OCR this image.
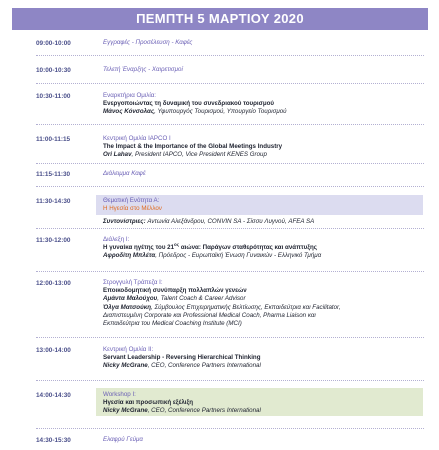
ΠΕΜΠΤΗ 5 ΜΑΡΤΙΟΥ 2020
09:00-10:00	Εγγραφές - Προσέλευση - Καφές
10:00-10:30	Τελετή Έναρξης - Χαιρετισμοί
10:30-11:00	Εναρκτήρια Ομιλία:
Ενεργοποιώντας τη δυναμική του συνεδριακού τουρισμού
Μάνος Κόνσολας, Υφυπουργός Τουρισμού, Υπουργείο Τουρισμού
11:00-11:15	Κεντρική Ομιλία IAPCO I
The Impact & the Importance of the Global Meetings Industry
Ori Lahav, President IAPCO, Vice President KENES Group
11:15-11:30	Διάλειμμα Καφέ
11:30-14:30	Θεματική Ενότητα Α:
Η Ηγεσία στο Μέλλον
Συντονίστριες: Αντωνία Αλεξάνδρου, CONVIN SA - Σίσσυ Λυγνού, AFEA SA
11:30-12:00	Διάλεξη Ι:
Η γυναίκα ηγέτης του $21^{o\varsigma}$ αιώνα: Παράγων σταθερότητας και ανάπτυξης
Αφροδίτη Μπλέτα, Πρόεδρος - Ευρωπαϊκή Ένωση Γυναικών - Ελληνικό Τμήμα
12:00-13:00	Στρογγυλή Τράπεζα Ι:
Εποικοδομητική συνύπαρξη πολλαπλών γενεών
Αμάντα Μαλούχου, Talent Coach & Career Advisor
Όλγα Ματσούκη, Σύμβουλος Επιχειρηματικής Βελτίωσης, Εκπαιδεύτρια και Facilitator,
Διαπιστευμένη Corporate και Professional Medical Coach, Pharma Liaison και
Εκπαιδεύτρια του Medical Coaching Institute (MCI)
13:00-14:00	Κεντρική Ομιλία ΙΙ:
Servant Leadership - Reversing Hierarchical Thinking
Nicky McGrane, CEO, Conference Partners International
14:00-14:30	Workshop I:
Ηγεσία και προσωπική εξέλιξη
Nicky McGrane, CEO, Conference Partners International
14:30-15:30	Ελαφρύ Γεύμα
